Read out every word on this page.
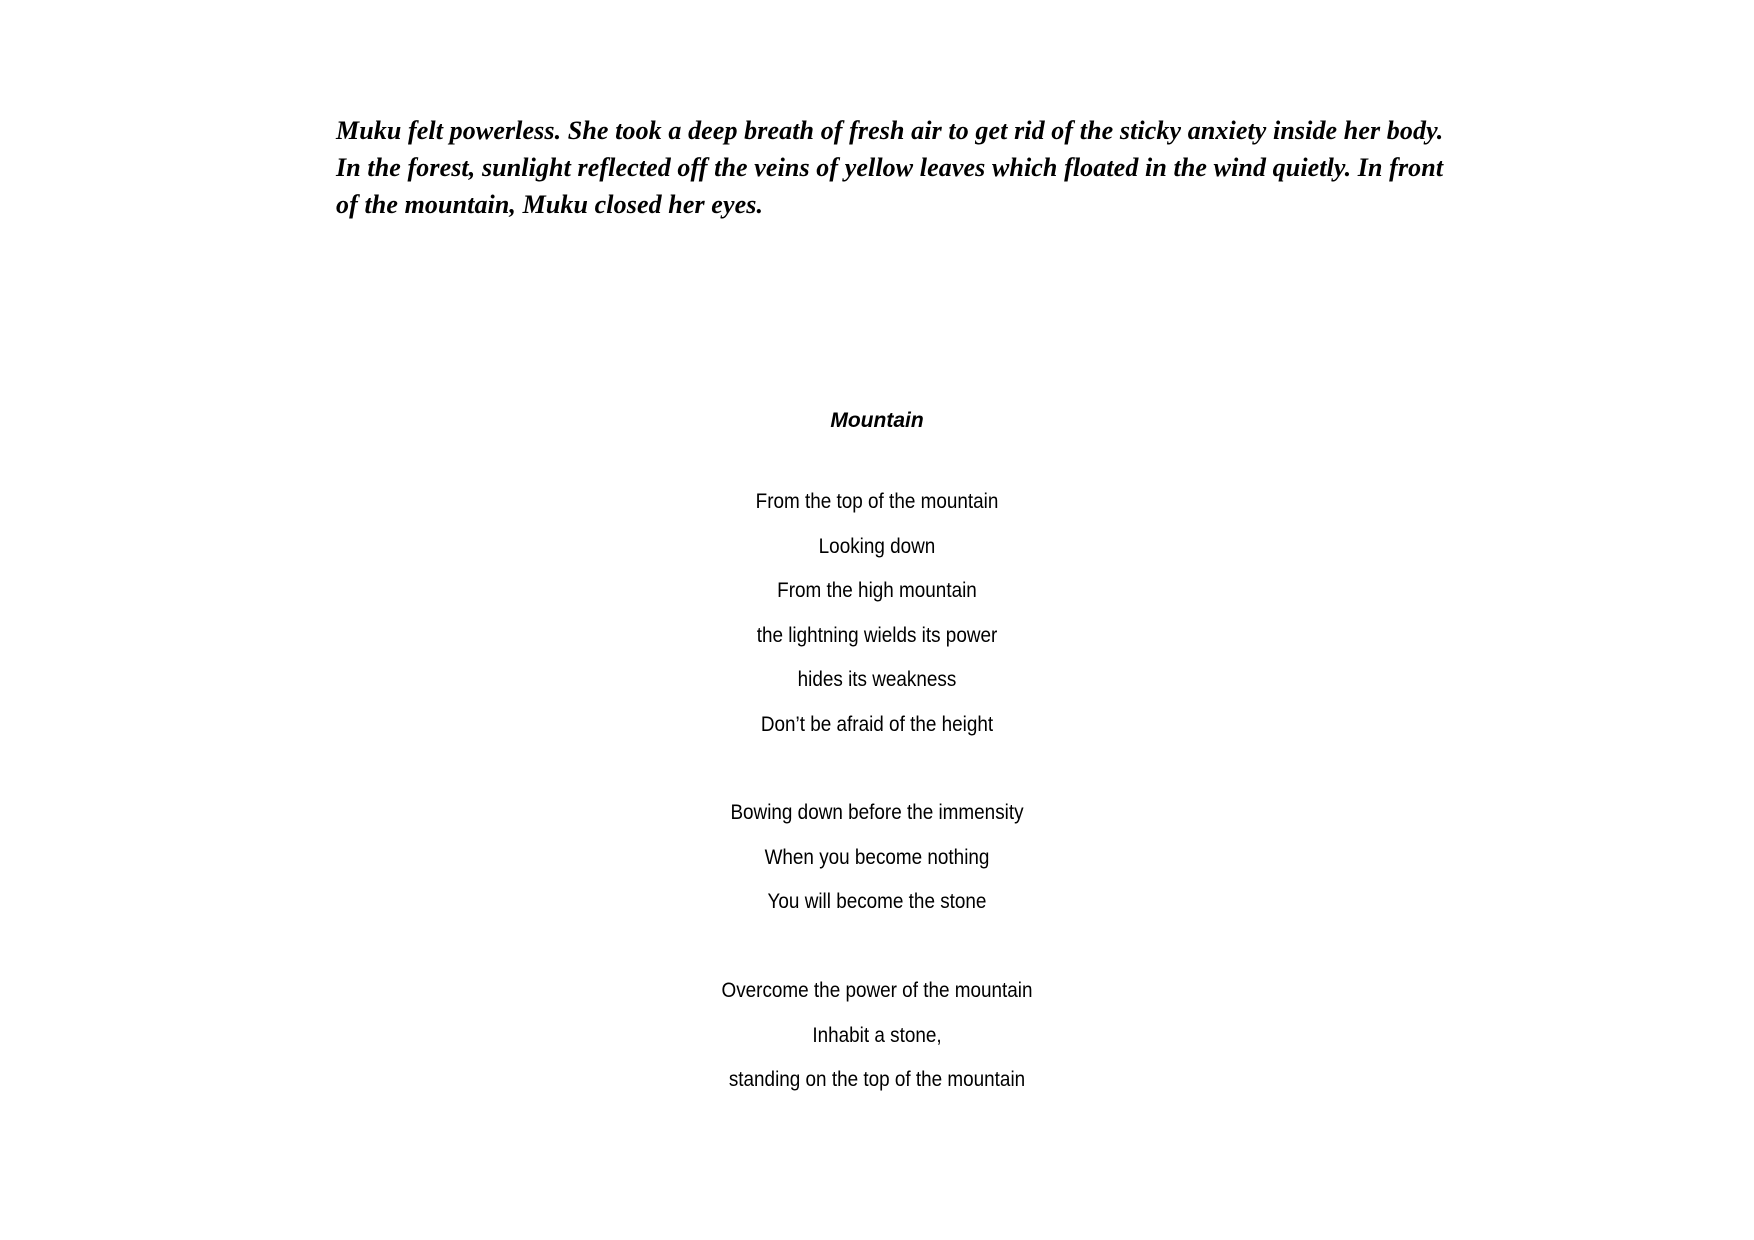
Muku felt powerless. She took a deep breath of fresh air to get rid of the sticky anxiety inside her body.

In the forest, sunlight reflected off the veins of yellow leaves which floated in the wind quietly. In front of the mountain, Muku closed her eyes.

Mountain
From the top of the mountain
Looking down
From the high mountain
the lightning wields its power
hides its weakness
Don’t be afraid of the height
Bowing down before the immensity
When you become nothing
You will become the stone
Overcome the power of the mountain
Inhabit a stone,
standing on the top of the mountain
